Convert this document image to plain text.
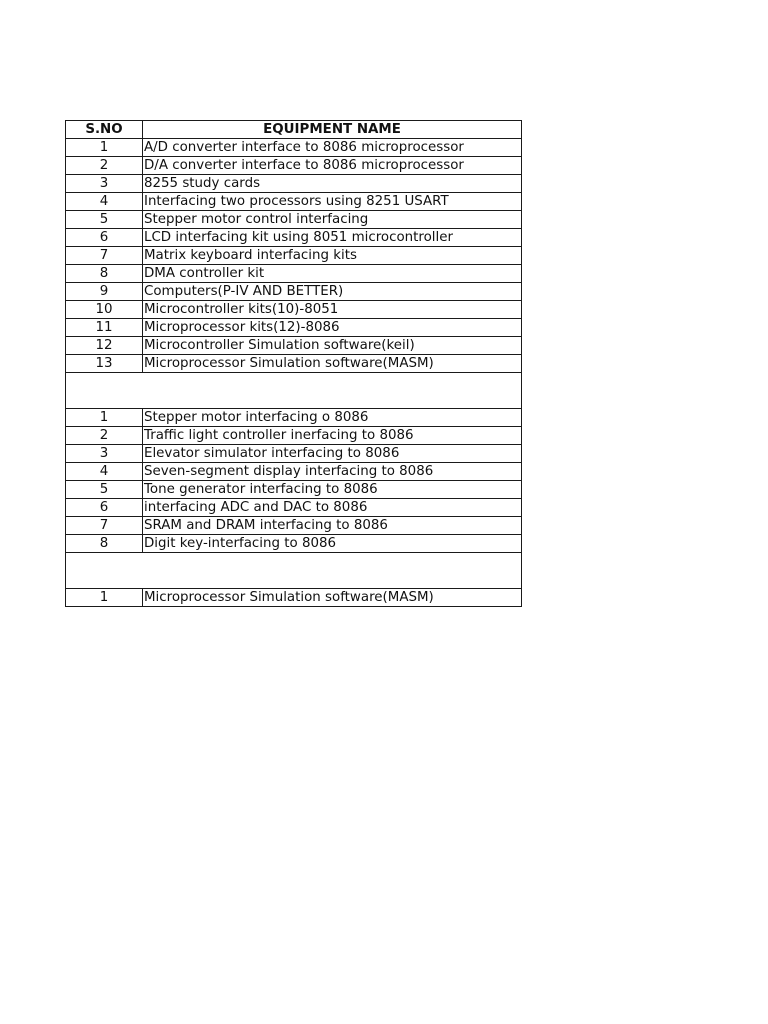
S.NO	EQUIPMENT NAME
1	A/D converter interface to 8086 microprocessor
2	D/A converter interface to 8086 microprocessor
3	8255 study cards
4	Interfacing two processors using 8251 USART
5	Stepper motor control interfacing
6	LCD interfacing kit using 8051 microcontroller
7	Matrix keyboard interfacing kits
8	DMA controller kit
9	Computers(P-IV AND BETTER)
10	Microcontroller kits(10)-8051
11	Microprocessor kits(12)-8086
12	Microcontroller Simulation software(keil)
13	Microprocessor Simulation software(MASM)

1	Stepper motor interfacing o 8086
2	Traffic light controller inerfacing to 8086
3	Elevator simulator interfacing to 8086
4	Seven-segment display interfacing to 8086
5	Tone generator interfacing to 8086
6	interfacing ADC and DAC to 8086
7	SRAM and DRAM interfacing to 8086
8	Digit key-interfacing to 8086

1	Microprocessor Simulation software(MASM)
